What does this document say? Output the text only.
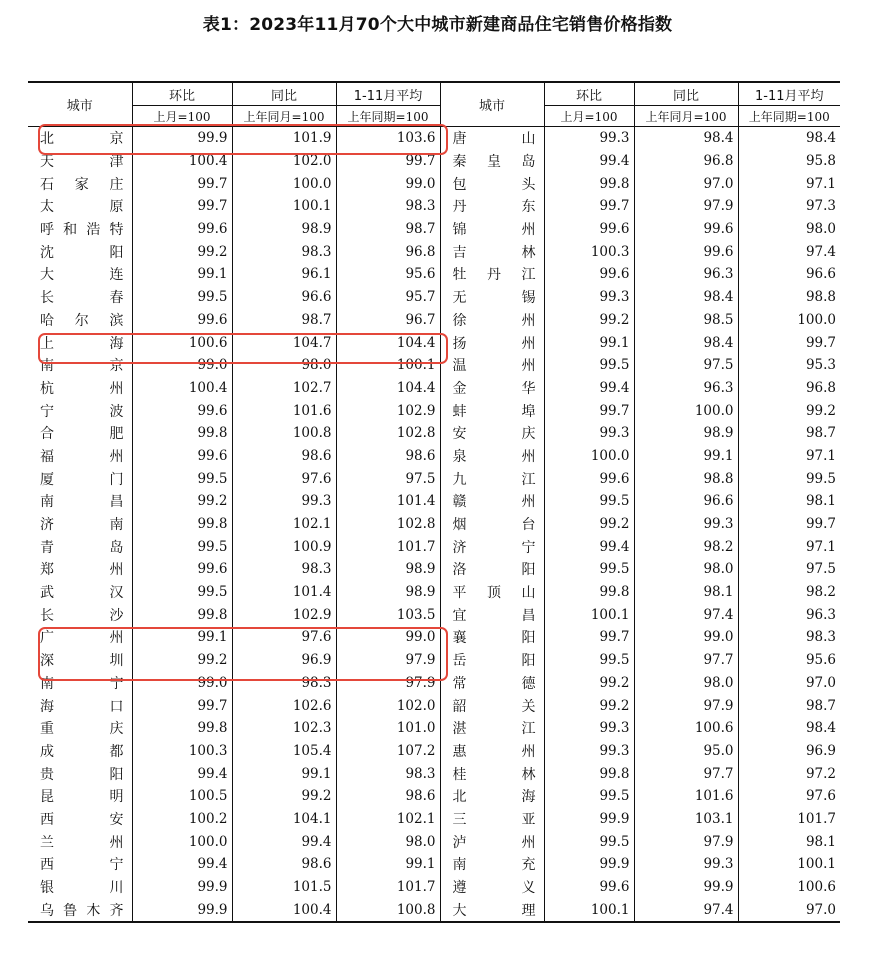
表1：2023年11月70个大中城市新建商品住宅销售价格指数
城市	环比	同比	1-11月平均	城市	环比	同比	1-11月平均
	上月=100	上年同月=100	上年同期=100		上月=100	上年同月=100	上年同期=100
北京	99.9	101.9	103.6	唐山	99.3	98.4	98.4
天津	100.4	102.0	99.7	秦皇岛	99.4	96.8	95.8
石家庄	99.7	100.0	99.0	包头	99.8	97.0	97.1
太原	99.7	100.1	98.3	丹东	99.7	97.9	97.3
呼和浩特	99.6	98.9	98.7	锦州	99.6	99.6	98.0
沈阳	99.2	98.3	96.8	吉林	100.3	99.6	97.4
大连	99.1	96.1	95.6	牡丹江	99.6	96.3	96.6
长春	99.5	96.6	95.7	无锡	99.3	98.4	98.8
哈尔滨	99.6	98.7	96.7	徐州	99.2	98.5	100.0
上海	100.6	104.7	104.4	扬州	99.1	98.4	99.7
南京	99.0	98.0	100.1	温州	99.5	97.5	95.3
杭州	100.4	102.7	104.4	金华	99.4	96.3	96.8
宁波	99.6	101.6	102.9	蚌埠	99.7	100.0	99.2
合肥	99.8	100.8	102.8	安庆	99.3	98.9	98.7
福州	99.6	98.6	98.6	泉州	100.0	99.1	97.1
厦门	99.5	97.6	97.5	九江	99.6	98.8	99.5
南昌	99.2	99.3	101.4	赣州	99.5	96.6	98.1
济南	99.8	102.1	102.8	烟台	99.2	99.3	99.7
青岛	99.5	100.9	101.7	济宁	99.4	98.2	97.1
郑州	99.6	98.3	98.9	洛阳	99.5	98.0	97.5
武汉	99.5	101.4	98.9	平顶山	99.8	98.1	98.2
长沙	99.8	102.9	103.5	宜昌	100.1	97.4	96.3
广州	99.1	97.6	99.0	襄阳	99.7	99.0	98.3
深圳	99.2	96.9	97.9	岳阳	99.5	97.7	95.6
南宁	99.0	98.3	97.9	常德	99.2	98.0	97.0
海口	99.7	102.6	102.0	韶关	99.2	97.9	98.7
重庆	99.8	102.3	101.0	湛江	99.3	100.6	98.4
成都	100.3	105.4	107.2	惠州	99.3	95.0	96.9
贵阳	99.4	99.1	98.3	桂林	99.8	97.7	97.2
昆明	100.5	99.2	98.6	北海	99.5	101.6	97.6
西安	100.2	104.1	102.1	三亚	99.9	103.1	101.7
兰州	100.0	99.4	98.0	泸州	99.5	97.9	98.1
西宁	99.4	98.6	99.1	南充	99.9	99.3	100.1
银川	99.9	101.5	101.7	遵义	99.6	99.9	100.6
乌鲁木齐	99.9	100.4	100.8	大理	100.1	97.4	97.0
